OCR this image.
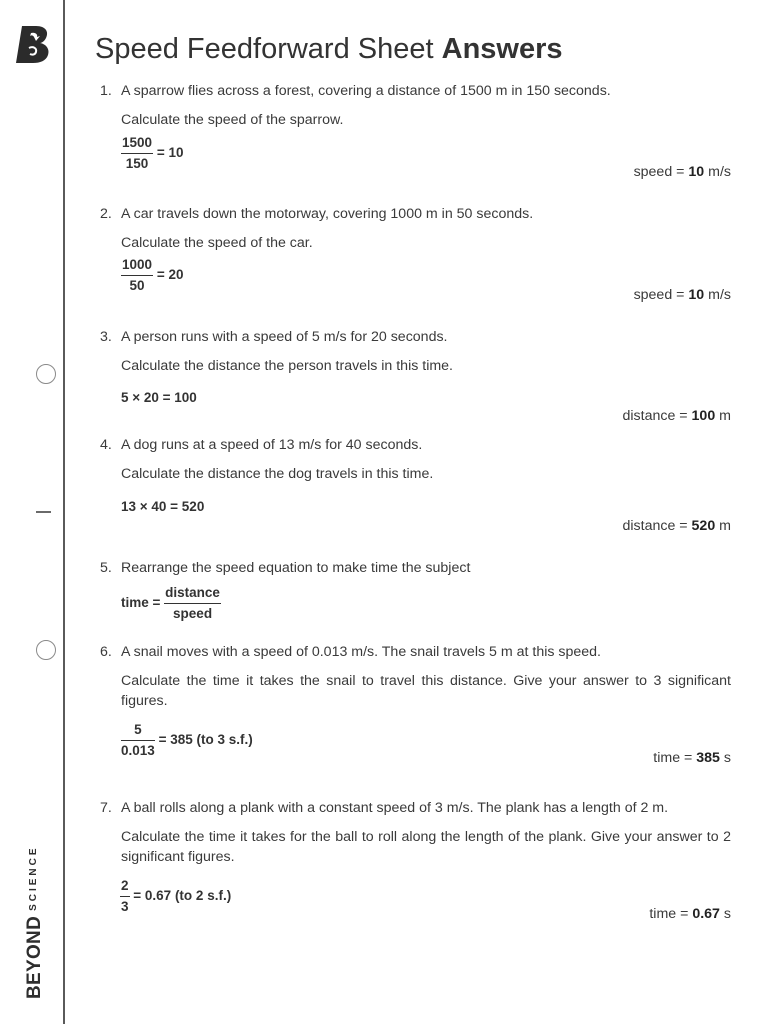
$BEYOND^{SCIENCE}$
Speed Feedforward Sheet Answers
1. A sparrow flies across a forest, covering a distance of 1500 m in 150 seconds.
Calculate the speed of the sparrow.
$\frac{1500}{150} = 10$
speed = 10 m/s
2. A car travels down the motorway, covering 1000 m in 50 seconds.
Calculate the speed of the car.
$\frac{1000}{50} = 20$
speed = 10 m/s
3. A person runs with a speed of 5 m/s for 20 seconds.
Calculate the distance the person travels in this time.
5 × 20 = 100
distance = 100 m
4. A dog runs at a speed of 13 m/s for 40 seconds.
Calculate the distance the dog travels in this time.
13 × 40 = 520
distance = 520 m
5. Rearrange the speed equation to make time the subject
time = $\frac{\text{distance}}{\text{speed}}$
6. A snail moves with a speed of 0.013 m/s. The snail travels 5 m at this speed.
Calculate the time it takes the snail to travel this distance. Give your answer to 3 significant figures.
$\frac{5}{0.013} = 385$ (to 3 s.f.)
time = 385 s
7. A ball rolls along a plank with a constant speed of 3 m/s. The plank has a length of 2 m.
Calculate the time it takes for the ball to roll along the length of the plank. Give your answer to 2 significant figures.
$\frac{2}{3} = 0.67$ (to 2 s.f.)
time = 0.67 s
